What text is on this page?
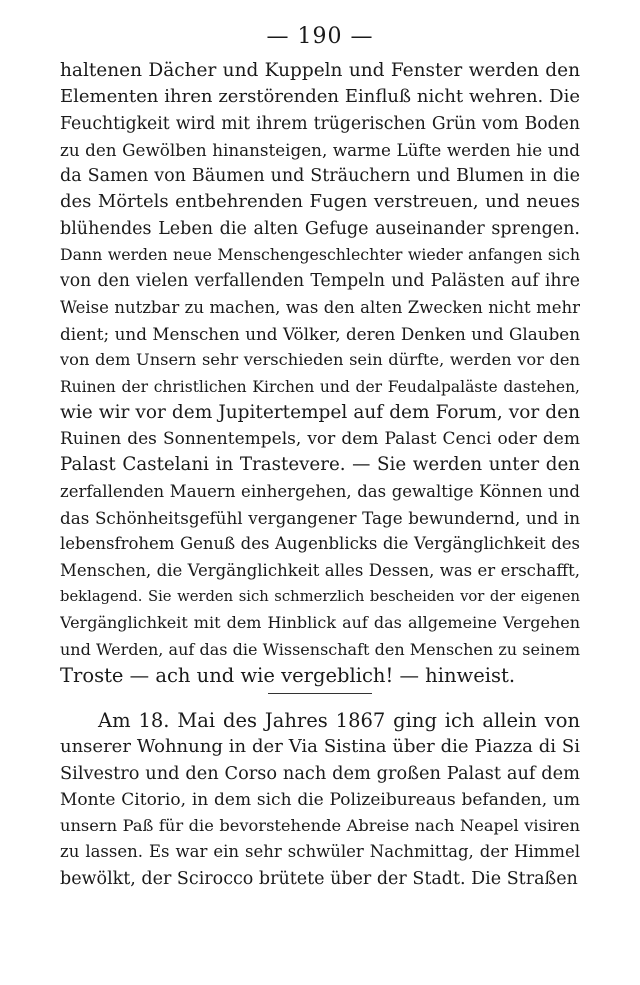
— 190 —
haltenen Dächer und Kuppeln und Fenster werden den
Elementen ihren zerstörenden Einfluß nicht wehren. Die
Feuchtigkeit wird mit ihrem trügerischen Grün vom Boden
zu den Gewölben hinansteigen, warme Lüfte werden hie und
da Samen von Bäumen und Sträuchern und Blumen in die
des Mörtels entbehrenden Fugen verstreuen, und neues
blühendes Leben die alten Gefuge auseinander sprengen.
Dann werden neue Menschengeschlechter wieder anfangen sich
von den vielen verfallenden Tempeln und Palästen auf ihre
Weise nutzbar zu machen, was den alten Zwecken nicht mehr
dient; und Menschen und Völker, deren Denken und Glauben
von dem Unsern sehr verschieden sein dürfte, werden vor den
Ruinen der christlichen Kirchen und der Feudalpaläste dastehen,
wie wir vor dem Jupitertempel auf dem Forum, vor den
Ruinen des Sonnentempels, vor dem Palast Cenci oder dem
Palast Castelani in Trastevere. — Sie werden unter den
zerfallenden Mauern einhergehen, das gewaltige Können und
das Schönheitsgefühl vergangener Tage bewundernd, und in
lebensfrohem Genuß des Augenblicks die Vergänglichkeit des
Menschen, die Vergänglichkeit alles Dessen, was er erschafft,
beklagend. Sie werden sich schmerzlich bescheiden vor der eigenen
Vergänglichkeit mit dem Hinblick auf das allgemeine Vergehen
und Werden, auf das die Wissenschaft den Menschen zu seinem
Troste — ach und wie vergeblich! — hinweist.
Am 18. Mai des Jahres 1867 ging ich allein von
unserer Wohnung in der Via Sistina über die Piazza di Si
Silvestro und den Corso nach dem großen Palast auf dem
Monte Citorio, in dem sich die Polizeibureaus befanden, um
unsern Paß für die bevorstehende Abreise nach Neapel visiren
zu lassen. Es war ein sehr schwüler Nachmittag, der Himmel
bewölkt, der Scirocco brütete über der Stadt. Die Straßen
